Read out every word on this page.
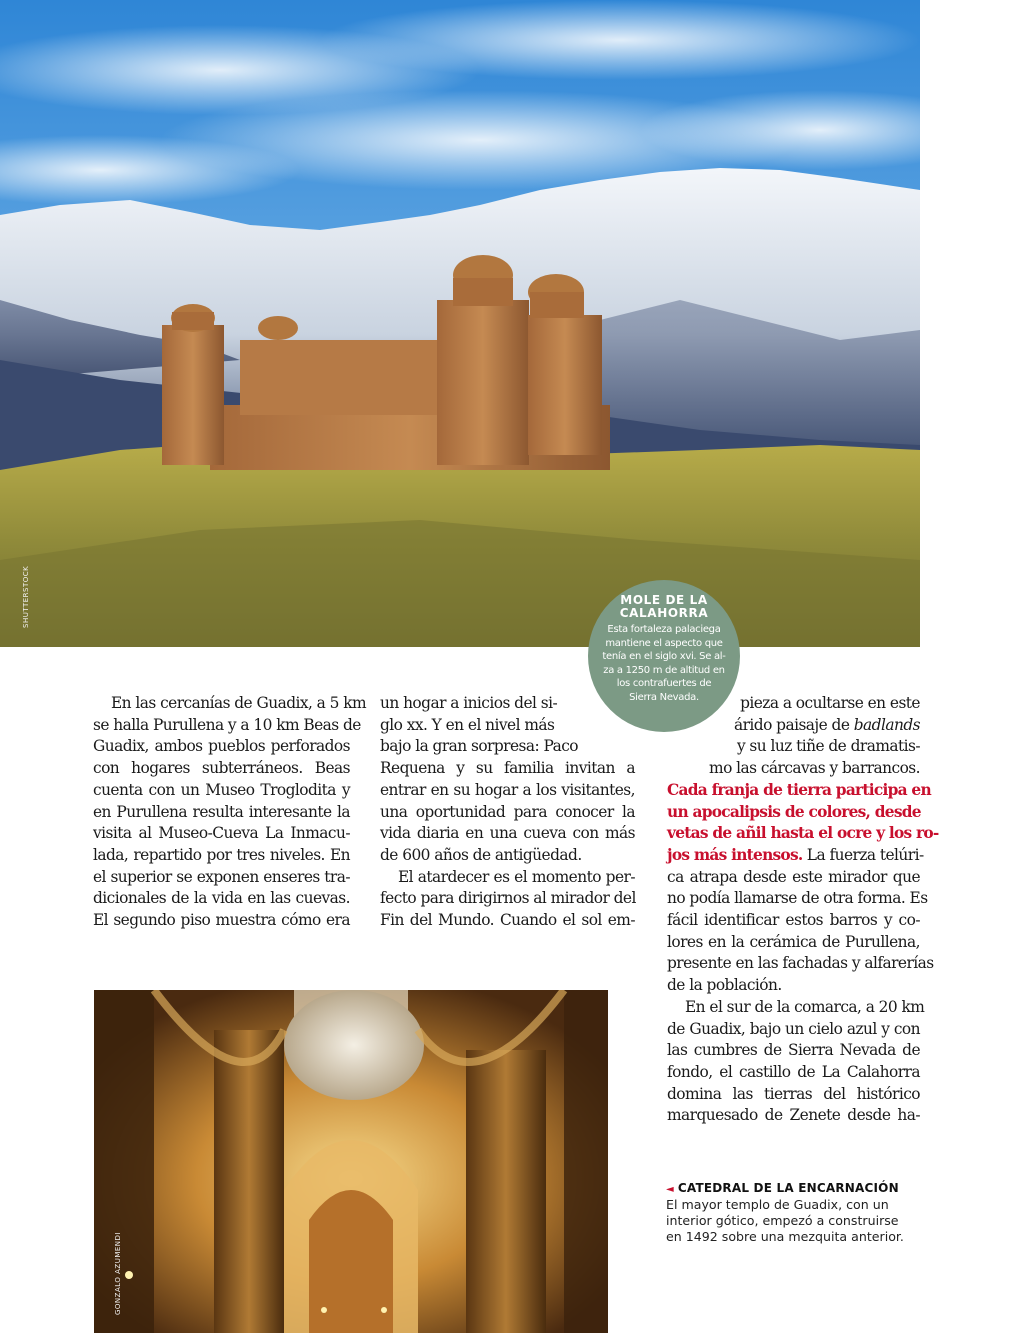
SHUTTERSTOCK	MOLE DE LA CALAHORRA
Esta fortaleza palaciega
mantiene el aspecto que
tenía en el siglo xvi. Se al-
za a 1250 m de altitud en
los contrafuertes de
Sierra Nevada.

En las cercanías de Guadix, a 5 km
se halla Purullena y a 10 km Beas de
Guadix, ambos pueblos perforados
con hogares subterráneos. Beas
cuenta con un Museo Troglodita y
en Purullena resulta interesante la
visita al Museo-Cueva La Inmacu-
lada, repartido por tres niveles. En
el superior se exponen enseres tra-
dicionales de la vida en las cuevas.
El segundo piso muestra cómo era

un hogar a inicios del si-
glo xx. Y en el nivel más
bajo la gran sorpresa: Paco
Requena y su familia invitan a
entrar en su hogar a los visitantes,
una oportunidad para conocer la
vida diaria en una cueva con más
de 600 años de antigüedad.

El atardecer es el momento per-
fecto para dirigirnos al mirador del
Fin del Mundo. Cuando el sol em-

pieza a ocultarse en este
árido paisaje de badlands
y su luz tiñe de dramatis-
mo las cárcavas y barrancos.
Cada franja de tierra participa en
un apocalipsis de colores, desde
vetas de añil hasta el ocre y los ro-
jos más intensos. La fuerza telúri-
ca atrapa desde este mirador que
no podía llamarse de otra forma. Es
fácil identificar estos barros y co-
lores en la cerámica de Purullena,
presente en las fachadas y alfarerías
de la población.

En el sur de la comarca, a 20 km
de Guadix, bajo un cielo azul y con
las cumbres de Sierra Nevada de
fondo, el castillo de La Calahorra
domina las tierras del histórico
marquesado de Zenete desde ha-

GONZALO AZUMENDI
◄ CATEDRAL DE LA ENCARNACIÓN
El mayor templo de Guadix, con un
interior gótico, empezó a construirse
en 1492 sobre una mezquita anterior.
